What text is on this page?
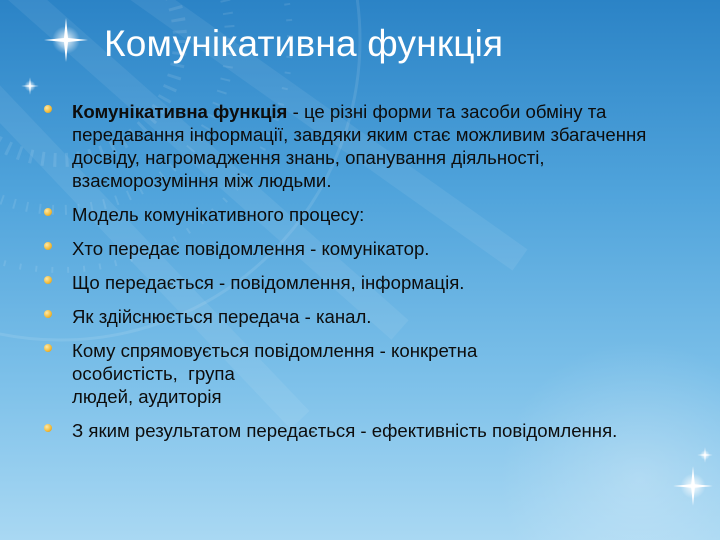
Комунікативна функція
Комунікативна функція - це різні форми та засоби обміну та передавання інформації, завдяки яким стає можливим збагачення досвіду, нагромадження знань, опанування діяльності, взаєморозуміння між людьми.
Модель комунікативного процесу:
Хто передає повідомлення - комунікатор.
Що передається - повідомлення, інформація.
Як здійснюється передача - канал.
Кому спрямовується повідомлення - конкретна
особистість,  група
людей, аудиторія
З яким результатом передається - ефективність повідомлення.
